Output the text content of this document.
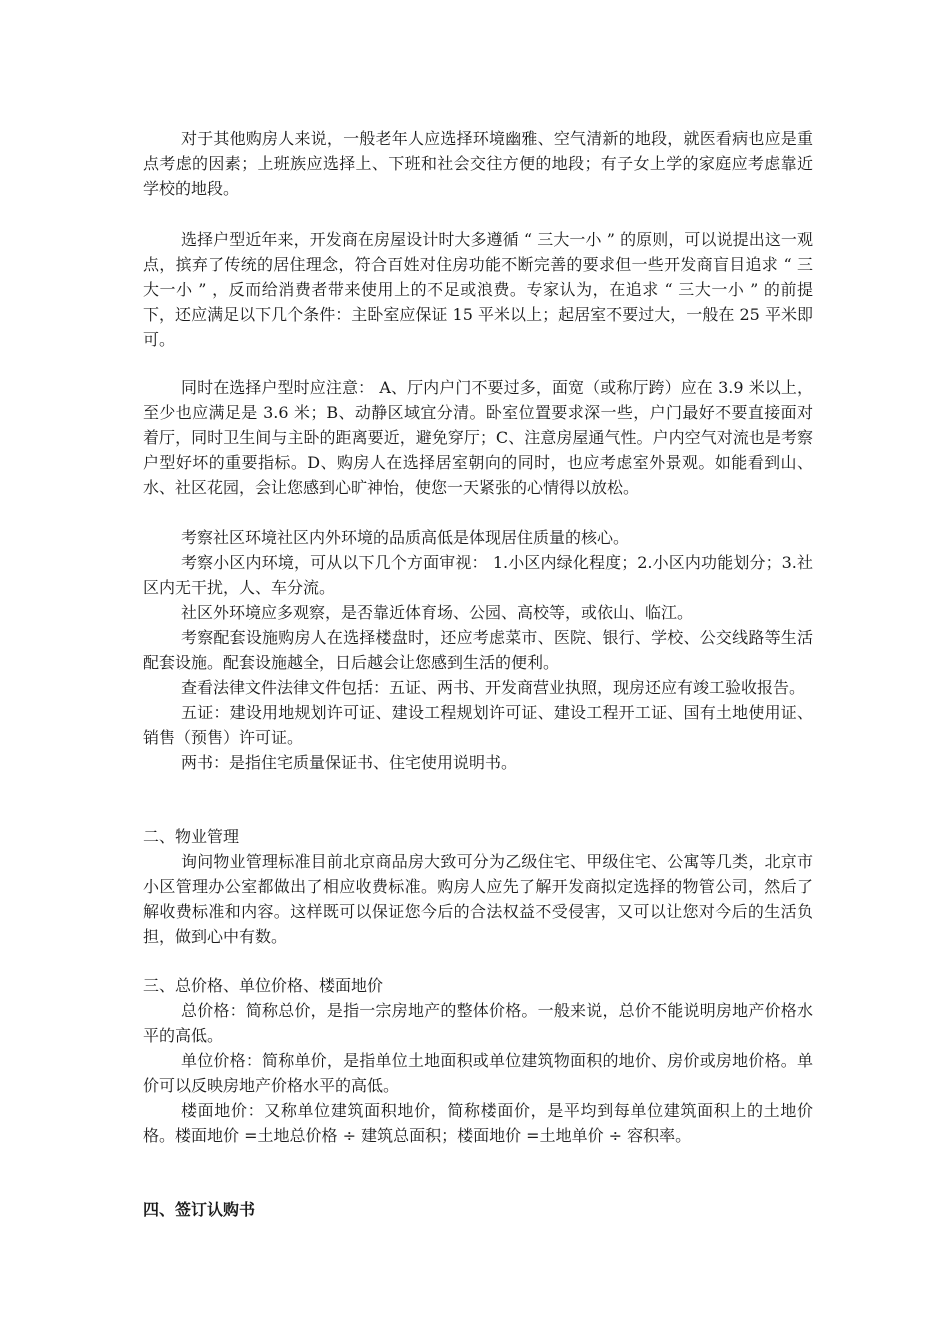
对于其他购房人来说，一般老年人应选择环境幽雅、空气清新的地段，就医看病也应是重点考虑的因素；上班族应选择上、下班和社会交往方便的地段；有子女上学的家庭应考虑靠近学校的地段。

选择户型近年来，开发商在房屋设计时大多遵循 “ 三大一小 ” 的原则，可以说提出这一观点，摈弃了传统的居住理念，符合百姓对住房功能不断完善的要求但一些开发商盲目追求 “ 三大一小 ” ，反而给消费者带来使用上的不足或浪费。专家认为，在追求 “ 三大一小 ” 的前提下，还应满足以下几个条件：主卧室应保证 15 平米以上；起居室不要过大，一般在 25 平米即可。

同时在选择户型时应注意： A、厅内户门不要过多，面宽（或称厅跨）应在 3.9 米以上，至少也应满足是 3.6 米；B、动静区域宜分清。卧室位置要求深一些，户门最好不要直接面对着厅，同时卫生间与主卧的距离要近，避免穿厅；C、注意房屋通气性。户内空气对流也是考察户型好坏的重要指标。D、购房人在选择居室朝向的同时，也应考虑室外景观。如能看到山、水、社区花园，会让您感到心旷神怡，使您一天紧张的心情得以放松。

考察社区环境社区内外环境的品质高低是体现居住质量的核心。

考察小区内环境，可从以下几个方面审视： 1.小区内绿化程度；2.小区内功能划分；3.社区内无干扰，人、车分流。

社区外环境应多观察，是否靠近体育场、公园、高校等，或依山、临江。

考察配套设施购房人在选择楼盘时，还应考虑菜市、医院、银行、学校、公交线路等生活配套设施。配套设施越全，日后越会让您感到生活的便利。

查看法律文件法律文件包括：五证、两书、开发商营业执照，现房还应有竣工验收报告。

五证：建设用地规划许可证、建设工程规划许可证、建设工程开工证、国有土地使用证、销售（预售）许可证。

两书：是指住宅质量保证书、住宅使用说明书。

二、物业管理

询问物业管理标准目前北京商品房大致可分为乙级住宅、甲级住宅、公寓等几类，北京市小区管理办公室都做出了相应收费标准。购房人应先了解开发商拟定选择的物管公司，然后了解收费标准和内容。这样既可以保证您今后的合法权益不受侵害，又可以让您对今后的生活负担，做到心中有数。

三、总价格、单位价格、楼面地价

总价格：简称总价，是指一宗房地产的整体价格。一般来说，总价不能说明房地产价格水平的高低。

单位价格：简称单价，是指单位土地面积或单位建筑物面积的地价、房价或房地价格。单价可以反映房地产价格水平的高低。

楼面地价：又称单位建筑面积地价，简称楼面价，是平均到每单位建筑面积上的土地价格。楼面地价 =土地总价格 ÷ 建筑总面积；楼面地价 =土地单价 ÷ 容积率。

四、签订认购书
